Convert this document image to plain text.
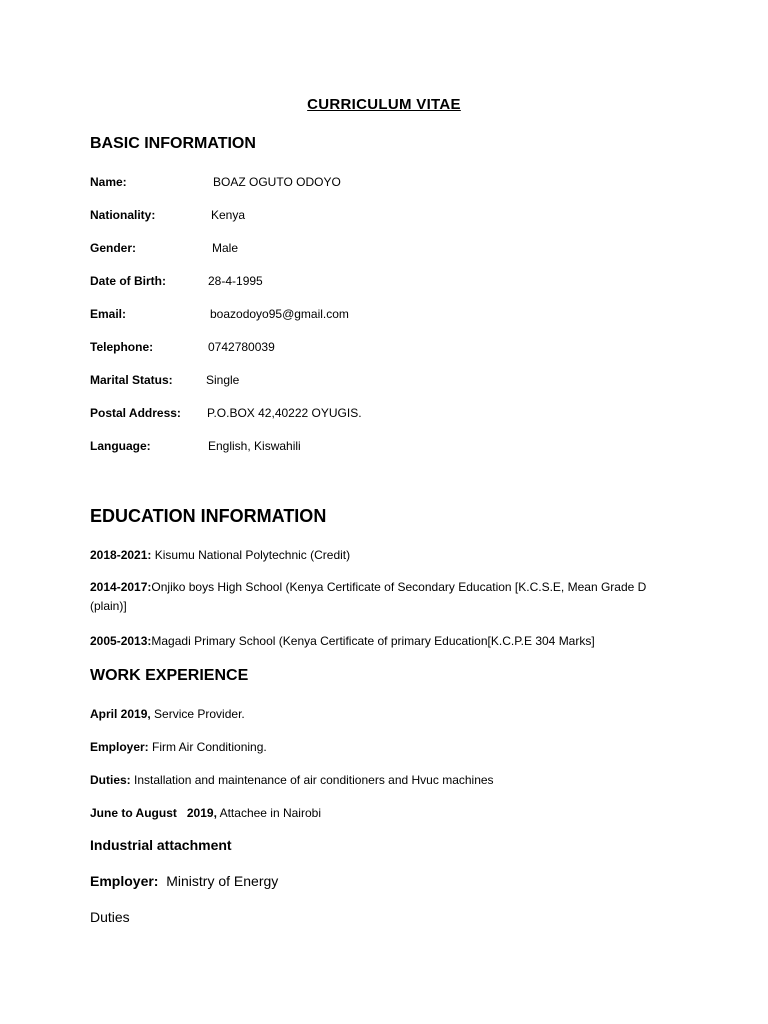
CURRICULUM VITAE
BASIC INFORMATION
Name:	BOAZ OGUTO ODOYO
Nationality:	Kenya
Gender:	Male
Date of Birth:	28-4-1995
Email:	boazodoyo95@gmail.com
Telephone:	0742780039
Marital Status:	Single
Postal Address: P.O.BOX 42,40222 OYUGIS.
Language:	English, Kiswahili
EDUCATION INFORMATION
2018-2021: Kisumu National Polytechnic (Credit)
2014-2017:Onjiko boys High School (Kenya Certificate of Secondary Education [K.C.S.E, Mean Grade D (plain)]
2005-2013:Magadi Primary School (Kenya Certificate of primary Education[K.C.P.E 304 Marks]
WORK EXPERIENCE
April 2019, Service Provider.
Employer: Firm Air Conditioning.
Duties: Installation and maintenance of air conditioners and Hvuc machines
June to August   2019, Attachee in Nairobi
Industrial attachment
Employer:  Ministry of Energy
Duties
